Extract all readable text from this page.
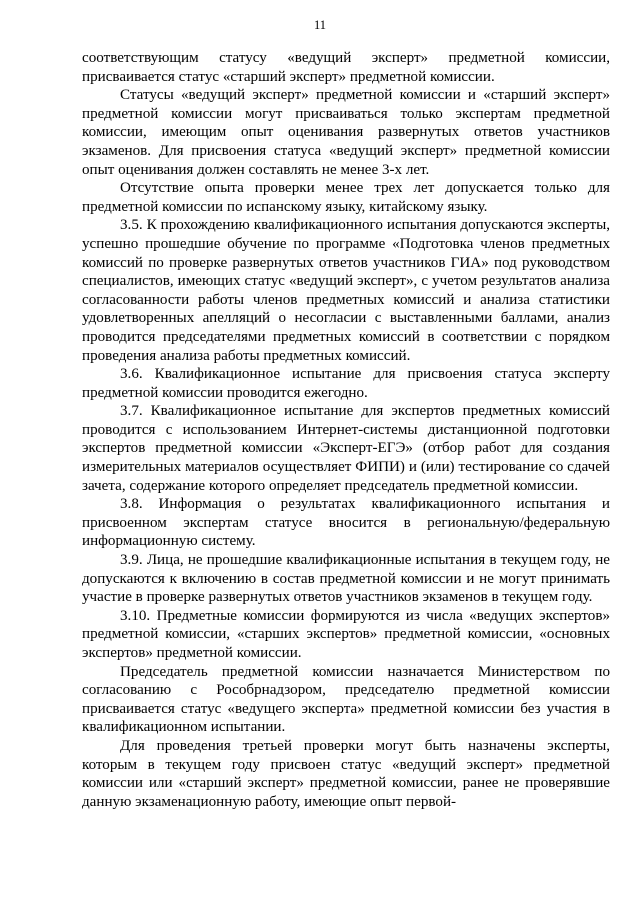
11

соответствующим статусу «ведущий эксперт» предметной комиссии, присваивается статус «старший эксперт» предметной комиссии.

Статусы «ведущий эксперт» предметной комиссии и «старший эксперт» предметной комиссии могут присваиваться только экспертам предметной комиссии, имеющим опыт оценивания развернутых ответов участников экзаменов. Для присвоения статуса «ведущий эксперт» предметной комиссии опыт оценивания должен составлять не менее 3-х лет.

Отсутствие опыта проверки менее трех лет допускается только для предметной комиссии по испанскому языку, китайскому языку.

3.5. К прохождению квалификационного испытания допускаются эксперты, успешно прошедшие обучение по программе «Подготовка членов предметных комиссий по проверке развернутых ответов участников ГИА» под руководством специалистов, имеющих статус «ведущий эксперт», с учетом результатов анализа согласованности работы членов предметных комиссий и анализа статистики удовлетворенных апелляций о несогласии с выставленными баллами, анализ проводится председателями предметных комиссий в соответствии с порядком проведения анализа работы предметных комиссий.

3.6. Квалификационное испытание для присвоения статуса эксперту предметной комиссии проводится ежегодно.

3.7. Квалификационное испытание для экспертов предметных комиссий проводится с использованием Интернет-системы дистанционной подготовки экспертов предметной комиссии «Эксперт-ЕГЭ» (отбор работ для создания измерительных материалов осуществляет ФИПИ) и (или) тестирование со сдачей зачета, содержание которого определяет председатель предметной комиссии.

3.8. Информация о результатах квалификационного испытания и присвоенном экспертам статусе вносится в региональную/федеральную информационную систему.

3.9. Лица, не прошедшие квалификационные испытания в текущем году, не допускаются к включению в состав предметной комиссии и не могут принимать участие в проверке развернутых ответов участников экзаменов в текущем году.

3.10. Предметные комиссии формируются из числа «ведущих экспертов» предметной комиссии, «старших экспертов» предметной комиссии, «основных экспертов» предметной комиссии.

Председатель предметной комиссии назначается Министерством по согласованию с Рособрнадзором, председателю предметной комиссии присваивается статус «ведущего эксперта» предметной комиссии без участия в квалификационном испытании.

Для проведения третьей проверки могут быть назначены эксперты, которым в текущем году присвоен статус «ведущий эксперт» предметной комиссии или «старший эксперт» предметной комиссии, ранее не проверявшие данную экзаменационную работу, имеющие опыт первой-
